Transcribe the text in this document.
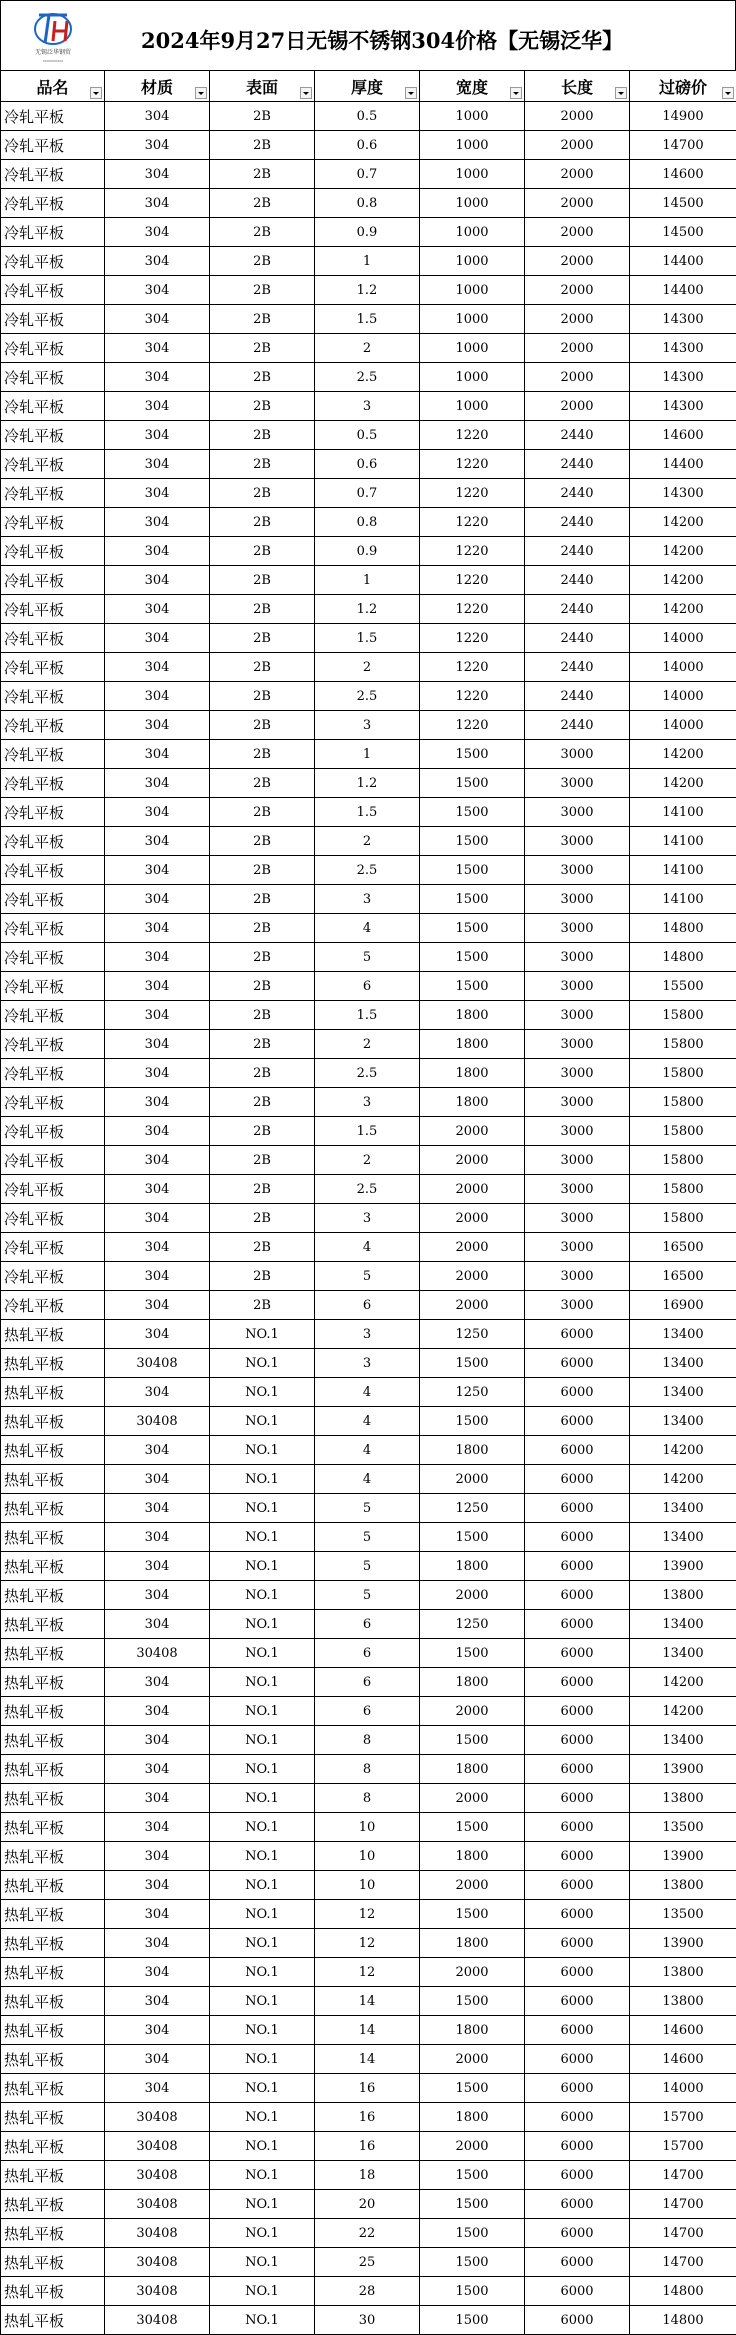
无锡泛华钢贸
XXXXXXXXXX
2024年9月27日无锡不锈钢304价格【无锡泛华】
品名	材质	表面	厚度	宽度	长度	过磅价

冷轧平板	304	2B	0.5	1000	2000	14900
冷轧平板	304	2B	0.6	1000	2000	14700
冷轧平板	304	2B	0.7	1000	2000	14600
冷轧平板	304	2B	0.8	1000	2000	14500
冷轧平板	304	2B	0.9	1000	2000	14500
冷轧平板	304	2B	1	1000	2000	14400
冷轧平板	304	2B	1.2	1000	2000	14400
冷轧平板	304	2B	1.5	1000	2000	14300
冷轧平板	304	2B	2	1000	2000	14300
冷轧平板	304	2B	2.5	1000	2000	14300
冷轧平板	304	2B	3	1000	2000	14300
冷轧平板	304	2B	0.5	1220	2440	14600
冷轧平板	304	2B	0.6	1220	2440	14400
冷轧平板	304	2B	0.7	1220	2440	14300
冷轧平板	304	2B	0.8	1220	2440	14200
冷轧平板	304	2B	0.9	1220	2440	14200
冷轧平板	304	2B	1	1220	2440	14200
冷轧平板	304	2B	1.2	1220	2440	14200
冷轧平板	304	2B	1.5	1220	2440	14000
冷轧平板	304	2B	2	1220	2440	14000
冷轧平板	304	2B	2.5	1220	2440	14000
冷轧平板	304	2B	3	1220	2440	14000
冷轧平板	304	2B	1	1500	3000	14200
冷轧平板	304	2B	1.2	1500	3000	14200
冷轧平板	304	2B	1.5	1500	3000	14100
冷轧平板	304	2B	2	1500	3000	14100
冷轧平板	304	2B	2.5	1500	3000	14100
冷轧平板	304	2B	3	1500	3000	14100
冷轧平板	304	2B	4	1500	3000	14800
冷轧平板	304	2B	5	1500	3000	14800
冷轧平板	304	2B	6	1500	3000	15500
冷轧平板	304	2B	1.5	1800	3000	15800
冷轧平板	304	2B	2	1800	3000	15800
冷轧平板	304	2B	2.5	1800	3000	15800
冷轧平板	304	2B	3	1800	3000	15800
冷轧平板	304	2B	1.5	2000	3000	15800
冷轧平板	304	2B	2	2000	3000	15800
冷轧平板	304	2B	2.5	2000	3000	15800
冷轧平板	304	2B	3	2000	3000	15800
冷轧平板	304	2B	4	2000	3000	16500
冷轧平板	304	2B	5	2000	3000	16500
冷轧平板	304	2B	6	2000	3000	16900
热轧平板	304	NO.1	3	1250	6000	13400
热轧平板	30408	NO.1	3	1500	6000	13400
热轧平板	304	NO.1	4	1250	6000	13400
热轧平板	30408	NO.1	4	1500	6000	13400
热轧平板	304	NO.1	4	1800	6000	14200
热轧平板	304	NO.1	4	2000	6000	14200
热轧平板	304	NO.1	5	1250	6000	13400
热轧平板	304	NO.1	5	1500	6000	13400
热轧平板	304	NO.1	5	1800	6000	13900
热轧平板	304	NO.1	5	2000	6000	13800
热轧平板	304	NO.1	6	1250	6000	13400
热轧平板	30408	NO.1	6	1500	6000	13400
热轧平板	304	NO.1	6	1800	6000	14200
热轧平板	304	NO.1	6	2000	6000	14200
热轧平板	304	NO.1	8	1500	6000	13400
热轧平板	304	NO.1	8	1800	6000	13900
热轧平板	304	NO.1	8	2000	6000	13800
热轧平板	304	NO.1	10	1500	6000	13500
热轧平板	304	NO.1	10	1800	6000	13900
热轧平板	304	NO.1	10	2000	6000	13800
热轧平板	304	NO.1	12	1500	6000	13500
热轧平板	304	NO.1	12	1800	6000	13900
热轧平板	304	NO.1	12	2000	6000	13800
热轧平板	304	NO.1	14	1500	6000	13800
热轧平板	304	NO.1	14	1800	6000	14600
热轧平板	304	NO.1	14	2000	6000	14600
热轧平板	304	NO.1	16	1500	6000	14000
热轧平板	30408	NO.1	16	1800	6000	15700
热轧平板	30408	NO.1	16	2000	6000	15700
热轧平板	30408	NO.1	18	1500	6000	14700
热轧平板	30408	NO.1	20	1500	6000	14700
热轧平板	30408	NO.1	22	1500	6000	14700
热轧平板	30408	NO.1	25	1500	6000	14700
热轧平板	30408	NO.1	28	1500	6000	14800
热轧平板	30408	NO.1	30	1500	6000	14800
